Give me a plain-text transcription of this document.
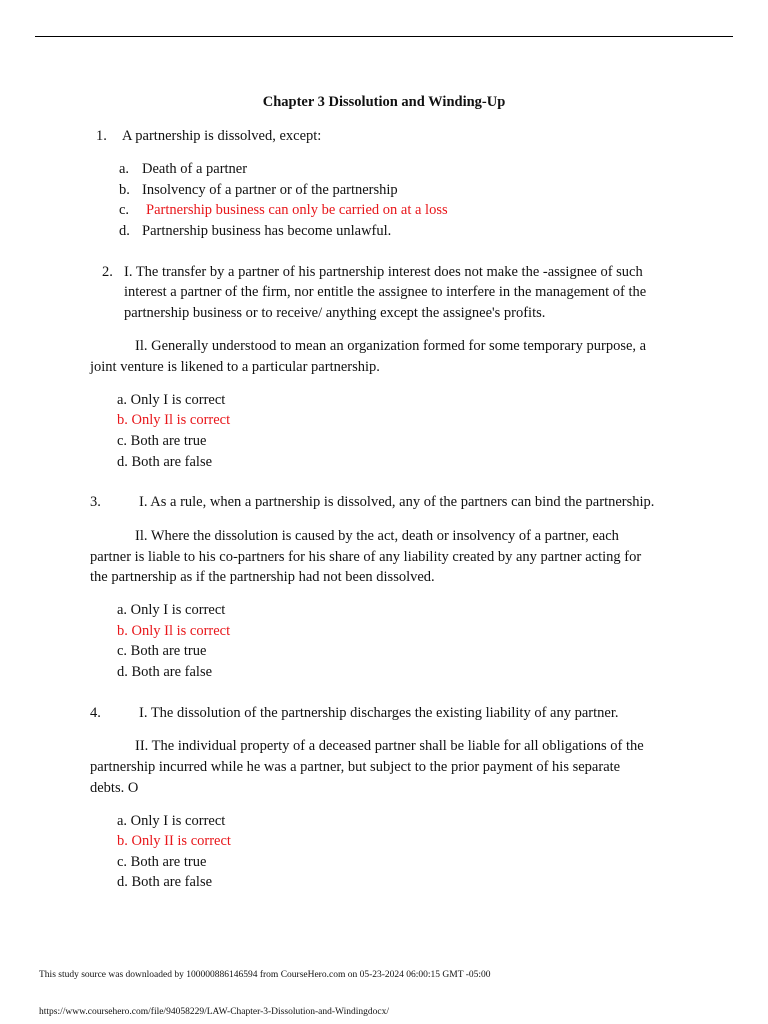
Chapter 3 Dissolution and Winding-Up
1. A partnership is dissolved, except:
a. Death of a partner
b. Insolvency of a partner or of the partnership
c. Partnership business can only be carried on at a loss
d. Partnership business has become unlawful.
2. I. The transfer by a partner of his partnership interest does not make the -assignee of such
interest a partner of the firm, nor entitle the assignee to interfere in the management of the
partnership business or to receive/ anything except the assignee's profits.
Il. Generally understood to mean an organization formed for some temporary purpose, a
joint venture is likened to a particular partnership.
a. Only I is correct
b. Only Il is correct
c. Both are true
d. Both are false
3.	I. As a rule, when a partnership is dissolved, any of the partners can bind the partnership.
Il. Where the dissolution is caused by the act, death or insolvency of a partner, each
partner is liable to his co-partners for his share of any liability created by any partner acting for
the partnership as if the partnership had not been dissolved.
a. Only I is correct
b. Only Il is correct
c. Both are true
d. Both are false
4.	I. The dissolution of the partnership discharges the existing liability of any partner.
II. The individual property of a deceased partner shall be liable for all obligations of the
partnership incurred while he was a partner, but subject to the prior payment of his separate
debts. O
a. Only I is correct
b. Only II is correct
c. Both are true
d. Both are false
This study source was downloaded by 100000886146594 from CourseHero.com on 05-23-2024 06:00:15 GMT -05:00
https://www.coursehero.com/file/94058229/LAW-Chapter-3-Dissolution-and-Windingdocx/
